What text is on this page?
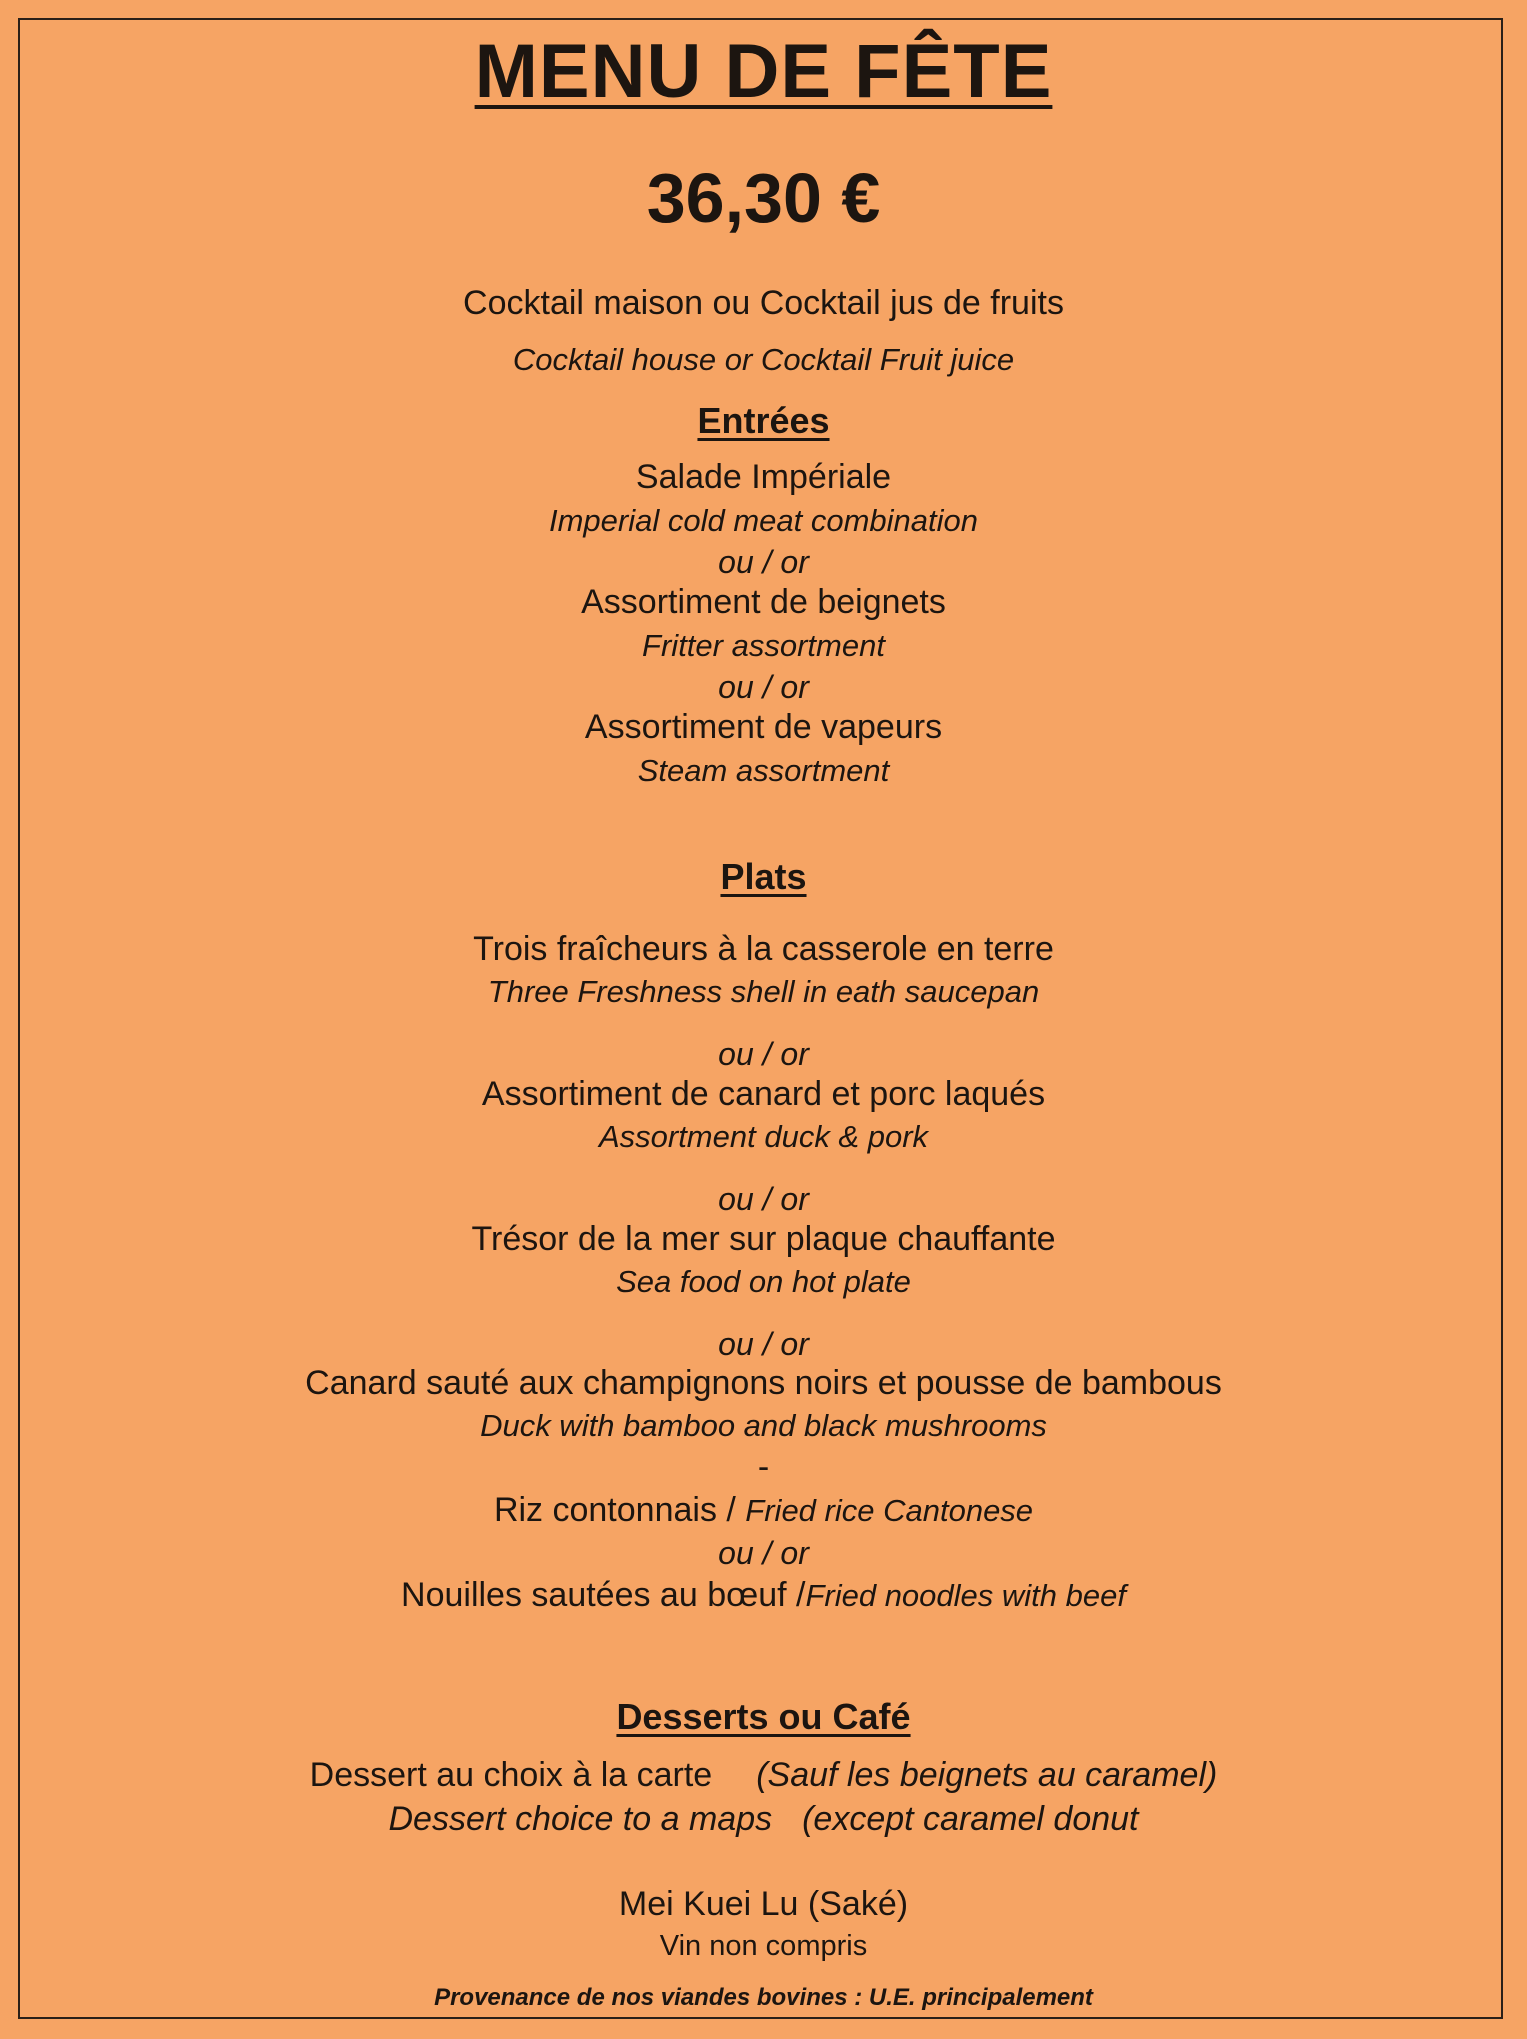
MENU DE FÊTE
36,30 €
Cocktail maison ou Cocktail jus de fruits
Cocktail house or Cocktail Fruit juice
Entrées
Salade Impériale
Imperial cold meat combination
ou / or
Assortiment de beignets
Fritter assortment
ou / or
Assortiment de vapeurs
Steam assortment
Plats
Trois fraîcheurs à la casserole en terre
Three Freshness shell in eath saucepan
ou / or
Assortiment de canard et porc laqués
Assortment duck & pork
ou / or
Trésor de la mer sur plaque chauffante
Sea food on hot plate
ou / or
Canard sauté aux champignons noirs et pousse de bambous
Duck with bamboo and black mushrooms
-
Riz contonnais / Fried rice Cantonese
ou / or
Nouilles sautées au bœuf /Fried noodles with beef
Desserts ou Café
Dessert au choix à la carte (Sauf les beignets au caramel)
Dessert choice to a maps (except caramel donut
Mei Kuei Lu (Saké)
Vin non compris
Provenance de nos viandes bovines : U.E. principalement
